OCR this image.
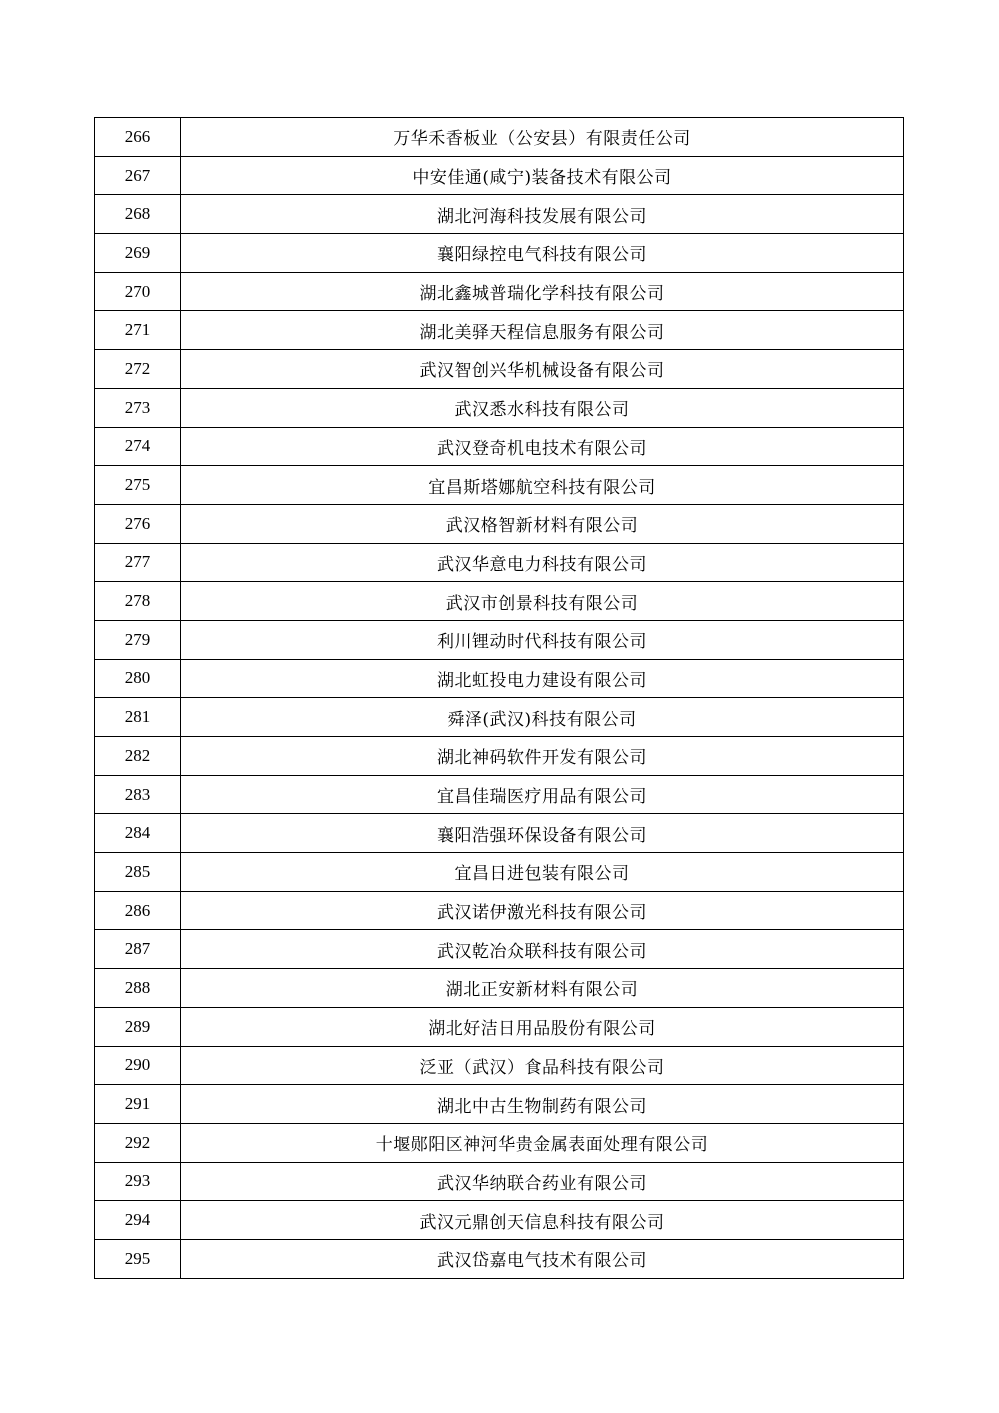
266	万华禾香板业（公安县）有限责任公司
267	中安佳通(咸宁)装备技术有限公司
268	湖北河海科技发展有限公司
269	襄阳绿控电气科技有限公司
270	湖北鑫城普瑞化学科技有限公司
271	湖北美驿天程信息服务有限公司
272	武汉智创兴华机械设备有限公司
273	武汉悉水科技有限公司
274	武汉登奇机电技术有限公司
275	宜昌斯塔娜航空科技有限公司
276	武汉格智新材料有限公司
277	武汉华意电力科技有限公司
278	武汉市创景科技有限公司
279	利川锂动时代科技有限公司
280	湖北虹投电力建设有限公司
281	舜泽(武汉)科技有限公司
282	湖北神码软件开发有限公司
283	宜昌佳瑞医疗用品有限公司
284	襄阳浩强环保设备有限公司
285	宜昌日进包装有限公司
286	武汉诺伊激光科技有限公司
287	武汉乾冶众联科技有限公司
288	湖北正安新材料有限公司
289	湖北好洁日用品股份有限公司
290	泛亚（武汉）食品科技有限公司
291	湖北中古生物制药有限公司
292	十堰郧阳区神河华贵金属表面处理有限公司
293	武汉华纳联合药业有限公司
294	武汉元鼎创天信息科技有限公司
295	武汉岱嘉电气技术有限公司
